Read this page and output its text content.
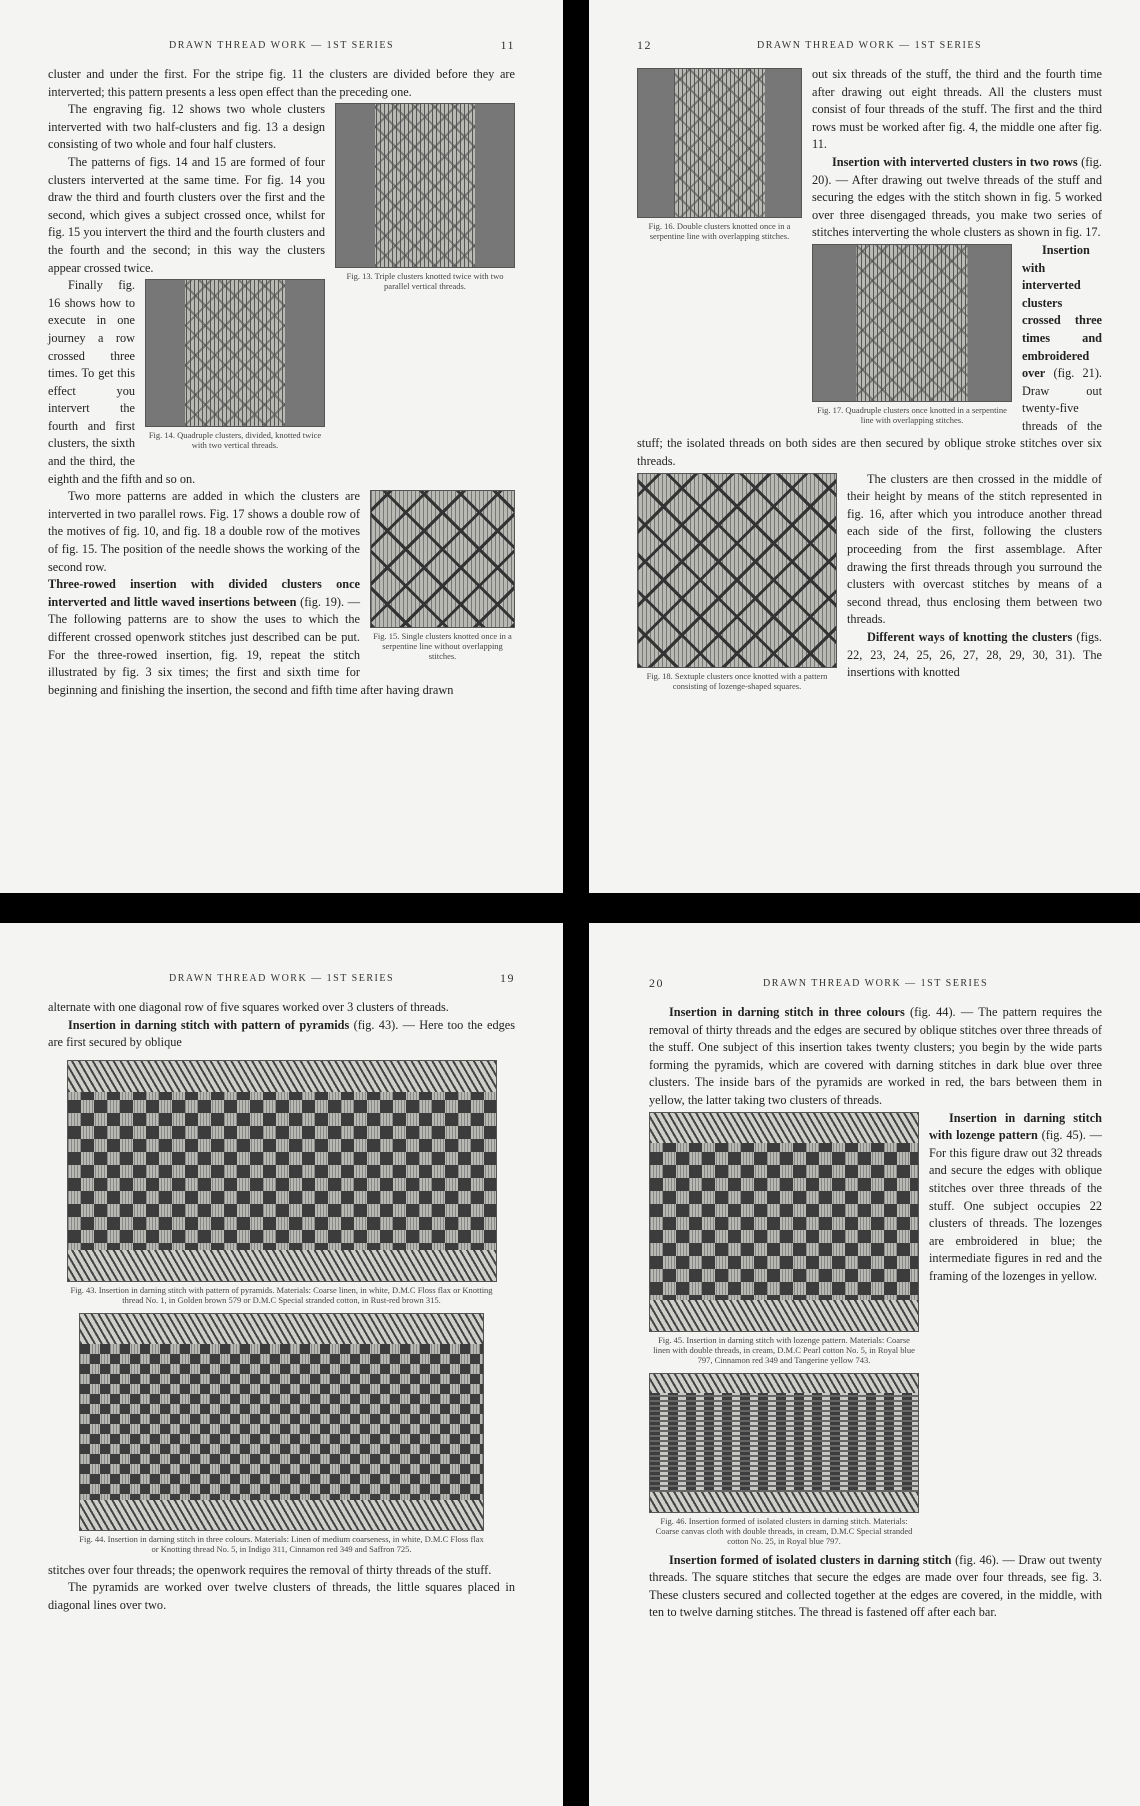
DRAWN THREAD WORK — 1ST SERIES	11

cluster and under the first. For the stripe fig. 11 the clusters are divided before they are interverted; this pattern presents a less open effect than the preceding one.

Fig. 13. Triple clusters knotted twice with two parallel vertical threads.

The engraving fig. 12 shows two whole clusters interverted with two half-clusters and fig. 13 a design consisting of two whole and four half clusters.

The patterns of figs. 14 and 15 are formed of four clusters interverted at the same time. For fig. 14 you draw the third and fourth clusters over the first and the second, which gives a subject crossed once, whilst for fig. 15 you intervert the third and the fourth clusters and the fourth and the second; in this way the clusters appear crossed twice.

Fig. 14. Quadruple clusters, divided, knotted twice with two vertical threads.

Finally fig. 16 shows how to execute in one journey a row crossed three times. To get this effect you intervert the fourth and first clusters, the sixth and the third, the eighth and the fifth and so on.

Fig. 15. Single clusters knotted once in a serpentine line without overlapping stitches.

Two more patterns are added in which the clusters are interverted in two parallel rows. Fig. 17 shows a double row of the motives of fig. 10, and fig. 18 a double row of the motives of fig. 15. The position of the needle shows the working of the second row.

Three-rowed insertion with divided clusters once interverted and little waved insertions between (fig. 19). — The following patterns are to show the uses to which the different crossed openwork stitches just described can be put. For the three-rowed insertion, fig. 19, repeat the stitch illustrated by fig. 3 six times; the first and sixth time for beginning and finishing the insertion, the second and fifth time after having drawn

12	DRAWN THREAD WORK — 1ST SERIES
Fig. 16. Double clusters knotted once in a serpentine line with overlapping stitches.

out six threads of the stuff, the third and the fourth time after drawing out eight threads. All the clusters must consist of four threads of the stuff. The first and the third rows must be worked after fig. 4, the middle one after fig. 11.

Insertion with interverted clusters in two rows (fig. 20). — After drawing out twelve threads of the stuff and securing the edges with the stitch shown in fig. 5 worked over three disengaged threads, you make two series of stitches interverting the whole clusters as shown in fig. 17.

Fig. 17. Quadruple clusters once knotted in a serpentine line with overlapping stitches.

Insertion with interverted clusters crossed three times and embroidered over (fig. 21). Draw out twenty-five threads of the stuff; the isolated threads on both sides are then secured by oblique stroke stitches over six threads.

Fig. 18. Sextuple clusters once knotted with a pattern consisting of lozenge-shaped squares.

The clusters are then crossed in the middle of their height by means of the stitch represented in fig. 16, after which you introduce another thread each side of the first, following the clusters proceeding from the first assemblage. After drawing the first threads through you surround the clusters with overcast stitches by means of a second thread, thus enclosing them between two threads.

Different ways of knotting the clusters (figs. 22, 23, 24, 25, 26, 27, 28, 29, 30, 31). The insertions with knotted

DRAWN THREAD WORK — 1ST SERIES	19

alternate with one diagonal row of five squares worked over 3 clusters of threads.

Insertion in darning stitch with pattern of pyramids (fig. 43). — Here too the edges are first secured by oblique

Fig. 43. Insertion in darning stitch with pattern of pyramids. Materials: Coarse linen, in white, D.M.C Floss flax or Knotting thread No. 1, in Golden brown 579 or D.M.C Special stranded cotton, in Rust-red brown 315.
Fig. 44. Insertion in darning stitch in three colours. Materials: Linen of medium coarseness, in white, D.M.C Floss flax or Knotting thread No. 5, in Indigo 311, Cinnamon red 349 and Saffron 725.

stitches over four threads; the openwork requires the removal of thirty threads of the stuff.

The pyramids are worked over twelve clusters of threads, the little squares placed in diagonal lines over two.

20	DRAWN THREAD WORK — 1ST SERIES

Insertion in darning stitch in three colours (fig. 44). — The pattern requires the removal of thirty threads and the edges are secured by oblique stitches over three threads of the stuff. One subject of this insertion takes twenty clusters; you begin by the wide parts forming the pyramids, which are covered with darning stitches in dark blue over three clusters. The inside bars of the pyramids are worked in red, the bars between them in yellow, the latter taking two clusters of threads.

Fig. 45. Insertion in darning stitch with lozenge pattern. Materials: Coarse linen with double threads, in cream, D.M.C Pearl cotton No. 5, in Royal blue 797, Cinnamon red 349 and Tangerine yellow 743.

Insertion in darning stitch with lozenge pattern (fig. 45). — For this figure draw out 32 threads and secure the edges with oblique stitches over three threads of the stuff. One subject occupies 22 clusters of threads. The lozenges are embroidered in blue; the intermediate figures in red and the framing of the lozenges in yellow.

Fig. 46. Insertion formed of isolated clusters in darning stitch. Materials: Coarse canvas cloth with double threads, in cream, D.M.C Special stranded cotton No. 25, in Royal blue 797.

Insertion formed of isolated clusters in darning stitch (fig. 46). — Draw out twenty threads. The square stitches that secure the edges are made over four threads, see fig. 3. These clusters secured and collected together at the edges are covered, in the middle, with ten to twelve darning stitches. The thread is fastened off after each bar.
